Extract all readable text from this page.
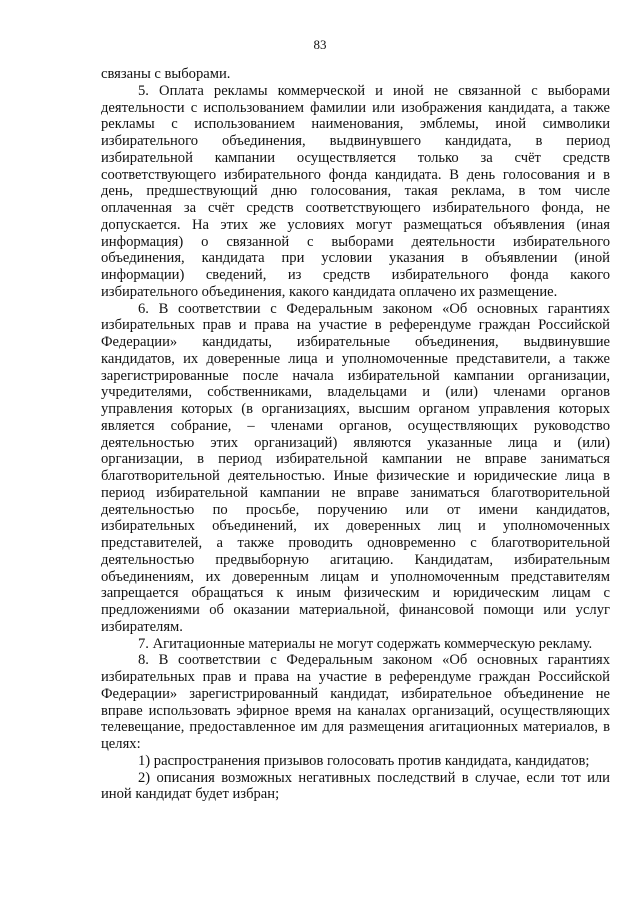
83
связаны с выборами.
5. Оплата рекламы коммерческой и иной не связанной с выборами
деятельности с использованием фамилии или изображения кандидата, а также
рекламы с использованием наименования, эмблемы, иной символики
избирательного объединения, выдвинувшего кандидата, в период
избирательной кампании осуществляется только за счёт средств
соответствующего избирательного фонда кандидата. В день голосования и в
день, предшествующий дню голосования, такая реклама, в том числе
оплаченная за счёт средств соответствующего избирательного фонда, не
допускается. На этих же условиях могут размещаться объявления (иная
информация) о связанной с выборами деятельности избирательного
объединения, кандидата при условии указания в объявлении (иной
информации) сведений, из средств избирательного фонда какого
избирательного объединения, какого кандидата оплачено их размещение.
6. В соответствии с Федеральным законом «Об основных гарантиях
избирательных прав и права на участие в референдуме граждан Российской
Федерации» кандидаты, избирательные объединения, выдвинувшие
кандидатов, их доверенные лица и уполномоченные представители, а также
зарегистрированные после начала избирательной кампании организации,
учредителями, собственниками, владельцами и (или) членами органов
управления которых (в организациях, высшим органом управления которых
является собрание, – членами органов, осуществляющих руководство
деятельностью этих организаций) являются указанные лица и (или)
организации, в период избирательной кампании не вправе заниматься
благотворительной деятельностью. Иные физические и юридические лица в
период избирательной кампании не вправе заниматься благотворительной
деятельностью по просьбе, поручению или от имени кандидатов,
избирательных объединений, их доверенных лиц и уполномоченных
представителей, а также проводить одновременно с благотворительной
деятельностью предвыборную агитацию. Кандидатам, избирательным
объединениям, их доверенным лицам и уполномоченным представителям
запрещается обращаться к иным физическим и юридическим лицам с
предложениями об оказании материальной, финансовой помощи или услуг
избирателям.
7. Агитационные материалы не могут содержать коммерческую рекламу.
8. В соответствии с Федеральным законом «Об основных гарантиях
избирательных прав и права на участие в референдуме граждан Российской
Федерации» зарегистрированный кандидат, избирательное объединение не
вправе использовать эфирное время на каналах организаций, осуществляющих
телевещание, предоставленное им для размещения агитационных материалов, в
целях:
1) распространения призывов голосовать против кандидата, кандидатов;
2) описания возможных негативных последствий в случае, если тот или
иной кандидат будет избран;
